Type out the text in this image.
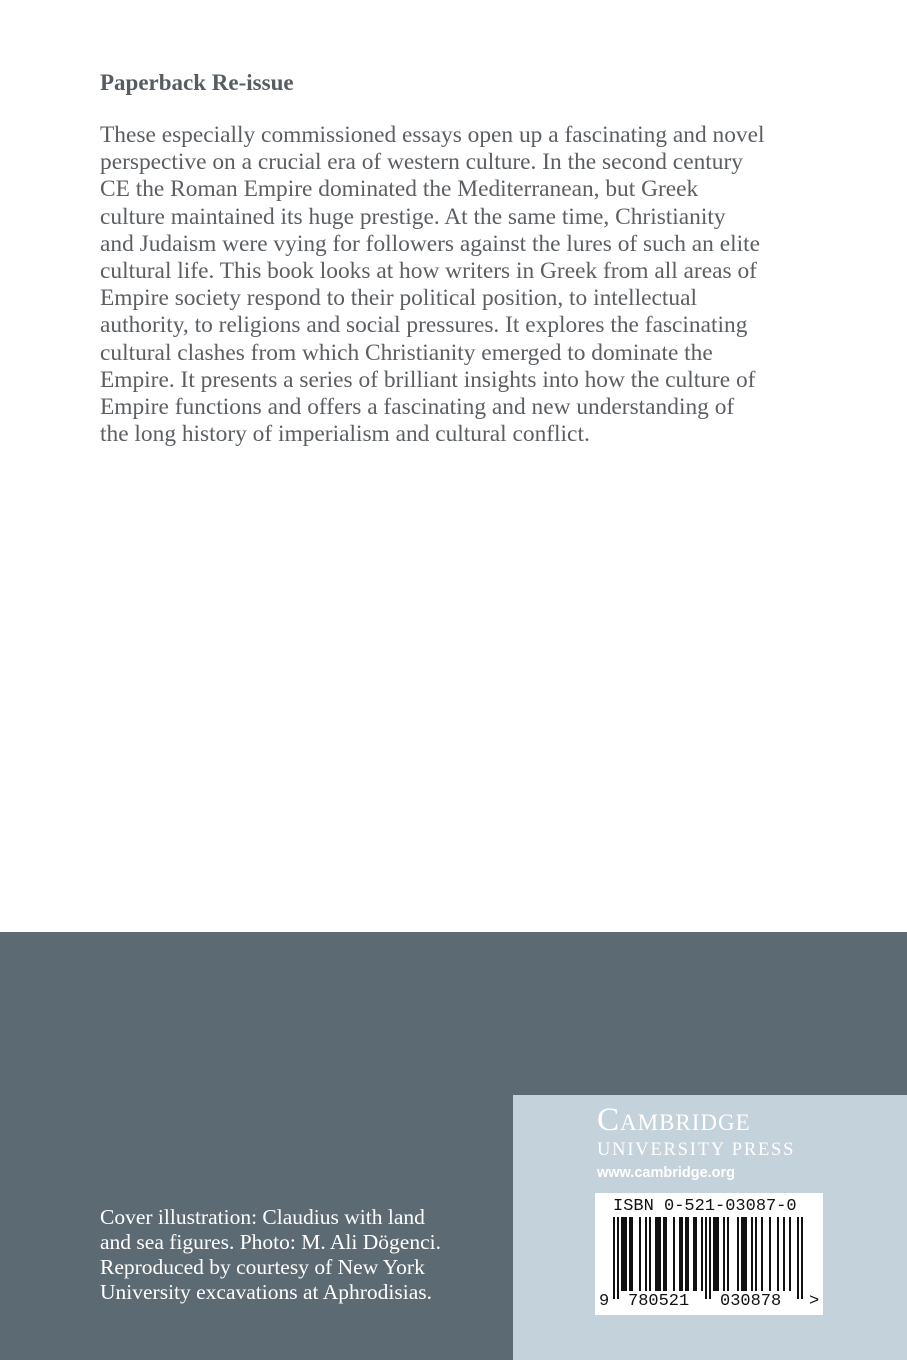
Paperback Re-issue
These especially commissioned essays open up a fascinating and novel
perspective on a crucial era of western culture. In the second century
CE the Roman Empire dominated the Mediterranean, but Greek
culture maintained its huge prestige. At the same time, Christianity
and Judaism were vying for followers against the lures of such an elite
cultural life. This book looks at how writers in Greek from all areas of
Empire society respond to their political position, to intellectual
authority, to religions and social pressures. It explores the fascinating
cultural clashes from which Christianity emerged to dominate the
Empire. It presents a series of brilliant insights into how the culture of
Empire functions and offers a fascinating and new understanding of
the long history of imperialism and cultural conflict.
Cover illustration: Claudius with land
and sea figures. Photo: M. Ali Dögenci.
Reproduced by courtesy of New York
University excavations at Aphrodisias.
Cambridge

UNIVERSITY PRESS

www.cambridge.org

ISBN 0-521-03087-0
9 780521 030878 >
